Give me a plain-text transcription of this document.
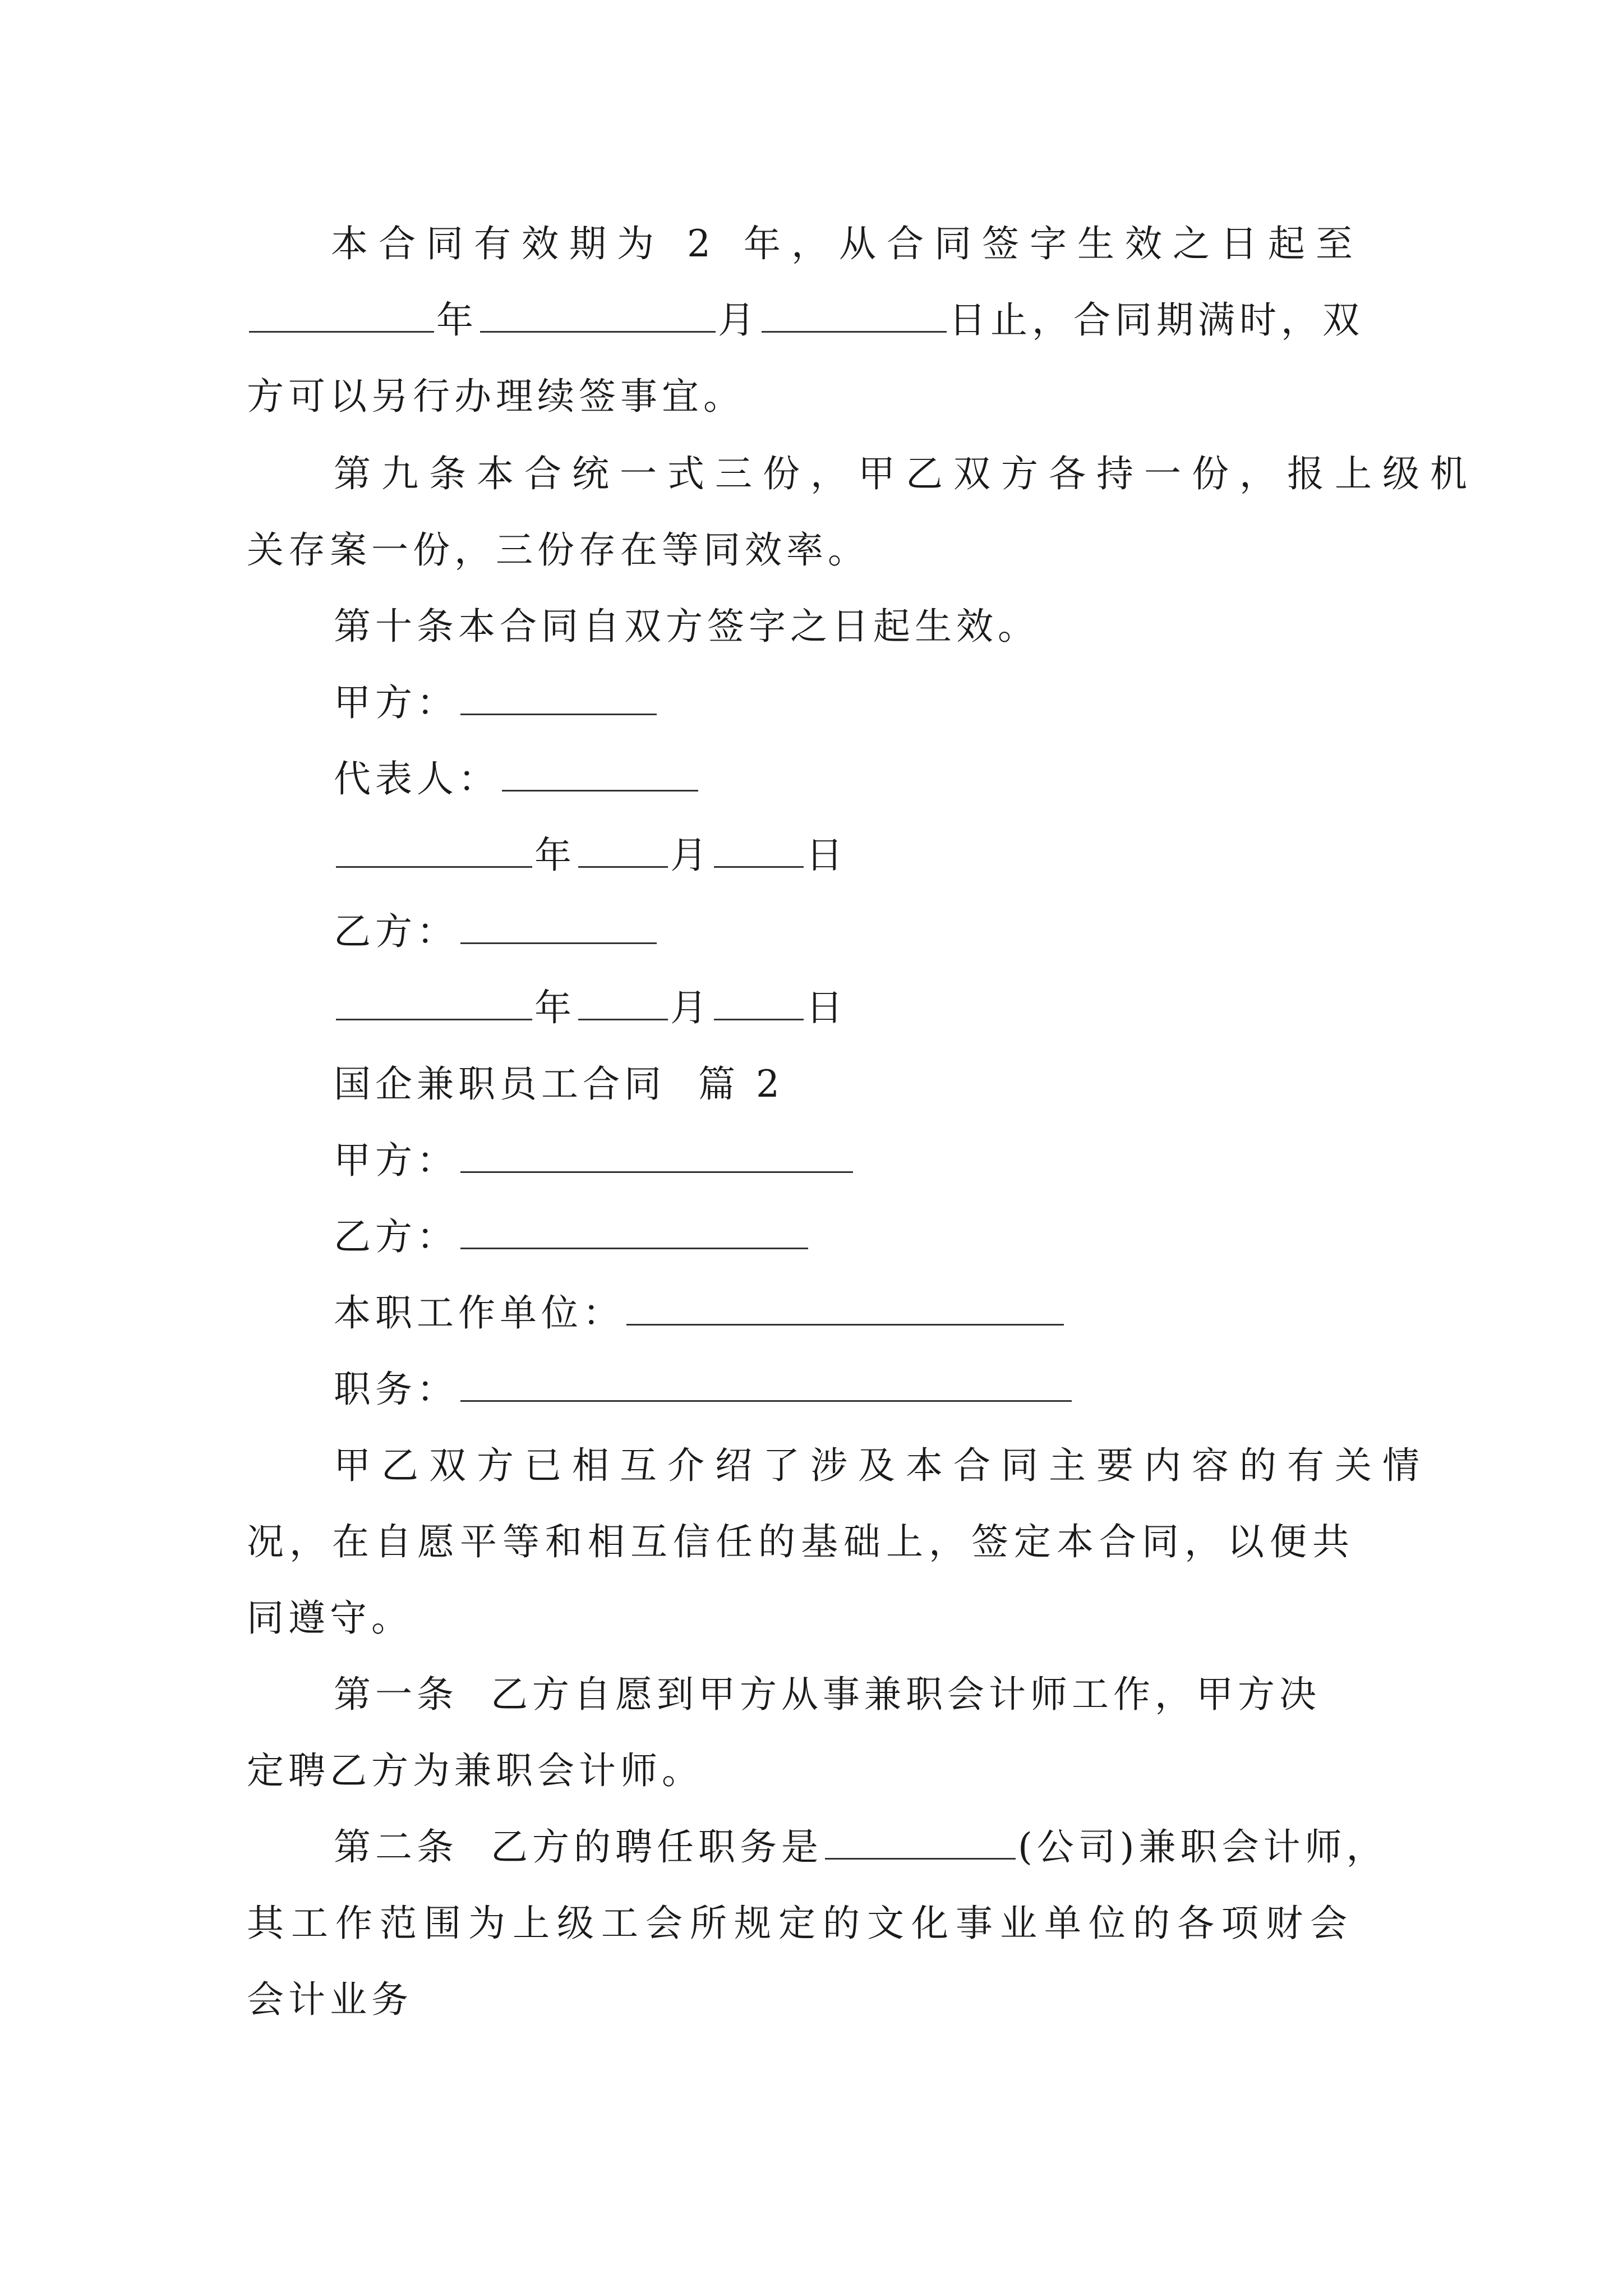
本合同有效期为 2 年，从合同签字生效之日起至
年	月	日止，合同期满时，双
方可以另行办理续签事宜。
第九条本合统一式三份，甲乙双方各持一份，报上级机
关存案一份，三份存在等同效率。
第十条本合同自双方签字之日起生效。
甲方：
代表人：
年	月	日
乙方：
年	月	日
国企兼职员工合同  篇 2
甲方：
乙方：
本职工作单位：
职务：
甲乙双方已相互介绍了涉及本合同主要内容的有关情
况，在自愿平等和相互信任的基础上，签定本合同，以便共
同遵守。
第一条  乙方自愿到甲方从事兼职会计师工作，甲方决
定聘乙方为兼职会计师。
第二条  乙方的聘任职务是	(公司)兼职会计师，
其工作范围为上级工会所规定的文化事业单位的各项财会
会计业务
